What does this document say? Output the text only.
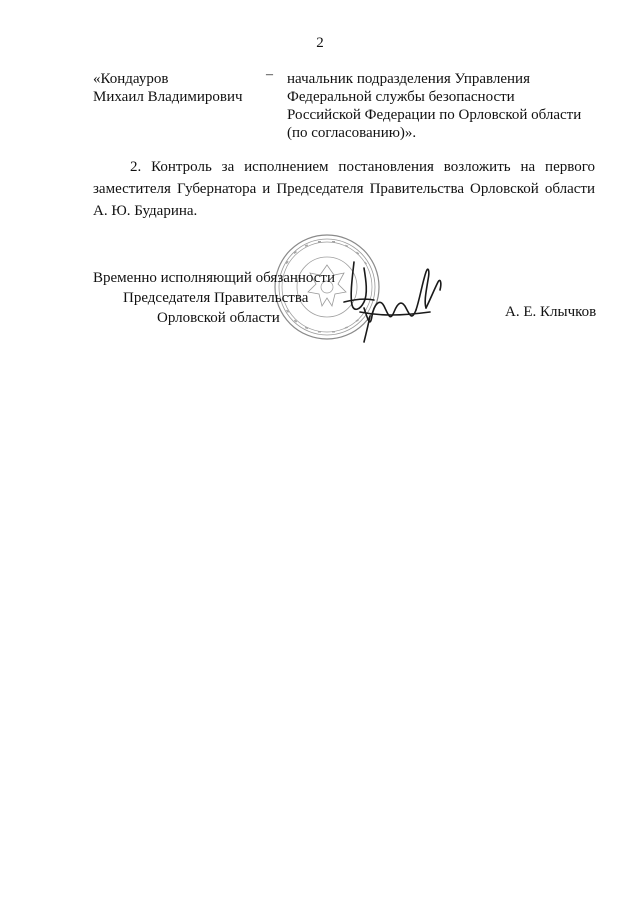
2
«Кондауров
Михаил Владимирович
– начальник подразделения Управления
Федеральной службы безопасности
Российской Федерации по Орловской области
(по согласованию)».
2. Контроль за исполнением постановления возложить на первого
заместителя Губернатора и Председателя Правительства Орловской области
А. Ю. Бударина.
Временно исполняющий обязанности
Председателя Правительства
Орловской области	А. Е. Клычков
